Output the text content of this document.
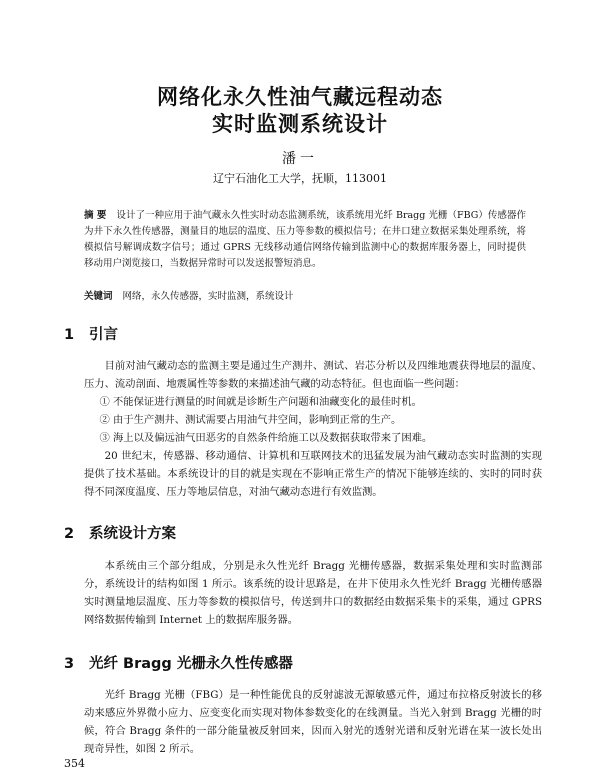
网络化永久性油气藏远程动态
实时监测系统设计
潘一
辽宁石油化工大学，抚顺，113001
摘 要 设计了一种应用于油气藏永久性实时动态监测系统，该系统用光纤 Bragg 光栅（FBG）传感器作为井下永久性传感器，测量目的地层的温度、压力等参数的模拟信号；在井口建立数据采集处理系统，将模拟信号解调成数字信号；通过 GPRS 无线移动通信网络传输到监测中心的数据库服务器上，同时提供移动用户浏览接口，当数据异常时可以发送报警短消息。
关键词 网络，永久传感器，实时监测，系统设计
1 引言

目前对油气藏动态的监测主要是通过生产测井、测试、岩芯分析以及四维地震获得地层的温度、压力、流动剖面、地震属性等参数的来描述油气藏的动态特征。但也面临一些问题：

① 不能保证进行测量的时间就是诊断生产问题和油藏变化的最佳时机。

② 由于生产测井、测试需要占用油气井空间，影响到正常的生产。

③ 海上以及偏远油气田恶劣的自然条件给施工以及数据获取带来了困难。

20 世纪末，传感器、移动通信、计算机和互联网技术的迅猛发展为油气藏动态实时监测的实现提供了技术基础。本系统设计的目的就是实现在不影响正常生产的情况下能够连续的、实时的同时获得不同深度温度、压力等地层信息，对油气藏动态进行有效监测。

2 系统设计方案

本系统由三个部分组成，分别是永久性光纤 Bragg 光栅传感器，数据采集处理和实时监测部分，系统设计的结构如图 1 所示。该系统的设计思路是，在井下使用永久性光纤 Bragg 光栅传感器实时测量地层温度、压力等参数的模拟信号，传送到井口的数据经由数据采集卡的采集，通过 GPRS 网络数据传输到 Internet 上的数据库服务器。

3 光纤 Bragg 光栅永久性传感器

光纤 Bragg 光栅（FBG）是一种性能优良的反射滤波无源敏感元件，通过布拉格反射波长的移动来感应外界微小应力、应变变化而实现对物体参数变化的在线测量。当光入射到 Bragg 光栅的时候，符合 Bragg 条件的一部分能量被反射回来，因而入射光的透射光谱和反射光谱在某一波长处出现奇异性，如图 2 所示。

354
